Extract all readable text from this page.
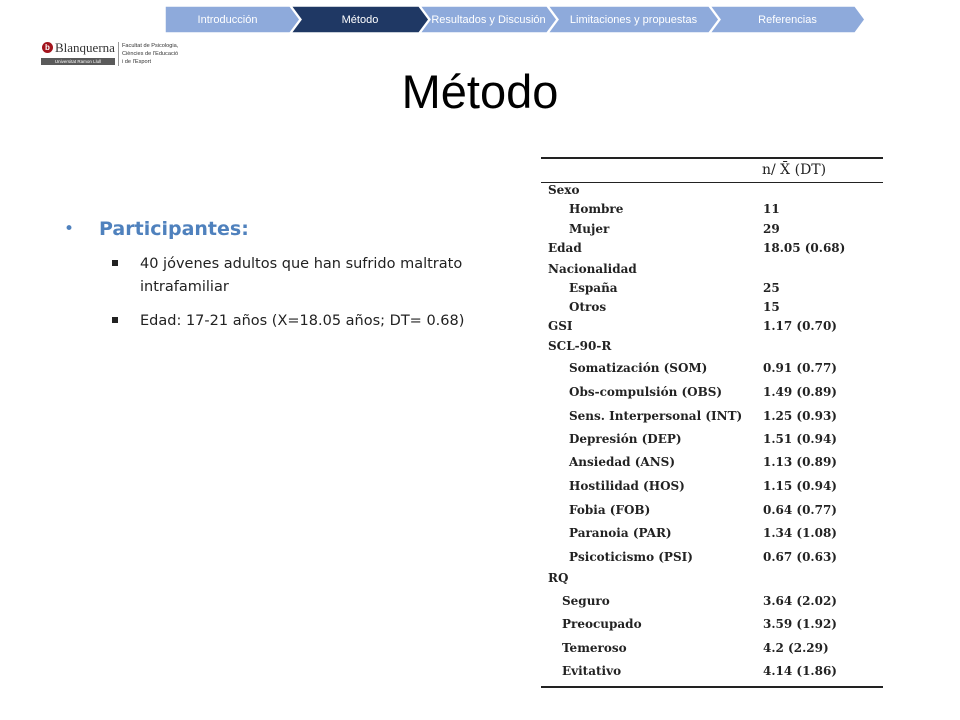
Introducción	Método	Resultados y Discusión	Limitaciones y propuestas	Referencias
b Blanquerna
Universitat Ramon Llull
Facultat de Psicologia,
Ciències de l'Educació
i de l'Esport
Método
•	Participantes:
40 jóvenes adultos que han sufrido maltrato
intrafamiliar
Edad: 17-21 años (X=18.05 años; DT= 0.68)
n/ X̄ (DT)
Sexo
Hombre	11
Mujer	29
Edad	18.05 (0.68)
Nacionalidad
España	25
Otros	15
GSI	1.17 (0.70)
SCL-90-R
Somatización (SOM)	0.91 (0.77)
Obs-compulsión (OBS)	1.49 (0.89)
Sens. Interpersonal (INT) 1.25 (0.93)
Depresión (DEP)	1.51 (0.94)
Ansiedad (ANS)	1.13 (0.89)
Hostilidad (HOS)	1.15 (0.94)
Fobia (FOB)	0.64 (0.77)
Paranoia (PAR)	1.34 (1.08)
Psicoticismo (PSI)	0.67 (0.63)
RQ
Seguro	3.64 (2.02)
Preocupado	3.59 (1.92)
Temeroso	4.2 (2.29)
Evitativo	4.14 (1.86)
